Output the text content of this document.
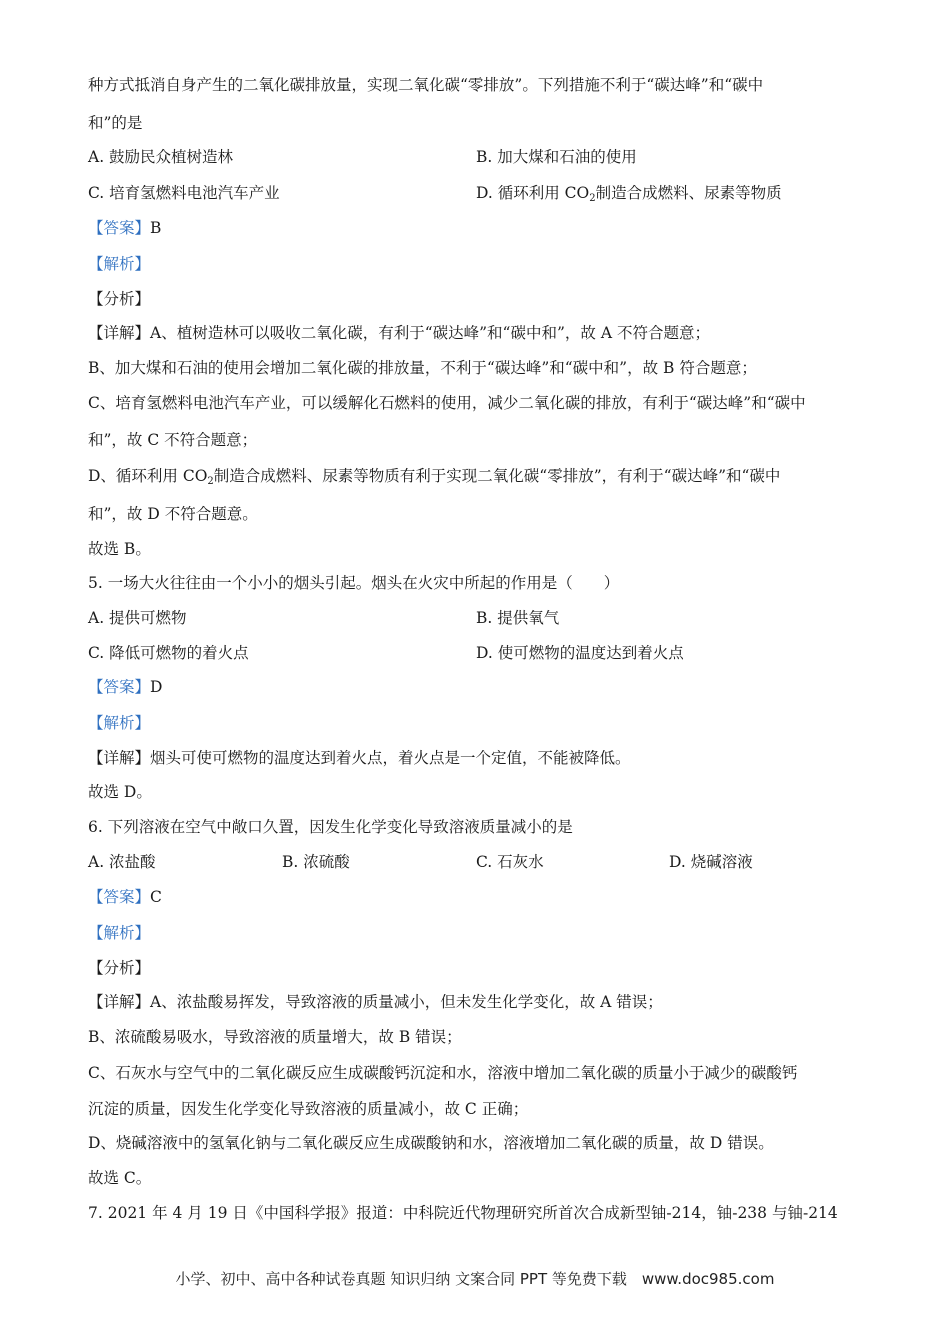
种方式抵消自身产生的二氧化碳排放量，实现二氧化碳“零排放”。下列措施不利于“碳达峰”和“碳中
和”的是
A. 鼓励民众植树造林	B. 加大煤和石油的使用
C. 培育氢燃料电池汽车产业	D. 循环利用 $CO_2$制造合成燃料、尿素等物质
【答案】B
【解析】
【分析】
【详解】A、植树造林可以吸收二氧化碳，有利于“碳达峰”和“碳中和”，故 A 不符合题意；
B、加大煤和石油的使用会增加二氧化碳的排放量，不利于“碳达峰”和“碳中和”，故 B 符合题意；
C、培育氢燃料电池汽车产业，可以缓解化石燃料的使用，减少二氧化碳的排放，有利于“碳达峰”和“碳中
和”，故 C 不符合题意；
D、循环利用 $CO_2$制造合成燃料、尿素等物质有利于实现二氧化碳“零排放”，有利于“碳达峰”和“碳中
和”，故 D 不符合题意。
故选 B。
5. 一场大火往往由一个小小的烟头引起。烟头在火灾中所起的作用是（　　）
A. 提供可燃物	B. 提供氧气
C. 降低可燃物的着火点	D. 使可燃物的温度达到着火点
【答案】D
【解析】
【详解】烟头可使可燃物的温度达到着火点，着火点是一个定值，不能被降低。
故选 D。
6. 下列溶液在空气中敞口久置，因发生化学变化导致溶液质量减小的是
A. 浓盐酸	B. 浓硫酸	C. 石灰水	D. 烧碱溶液
【答案】C
【解析】
【分析】
【详解】A、浓盐酸易挥发，导致溶液的质量减小，但未发生化学变化，故 A 错误；
B、浓硫酸易吸水，导致溶液的质量增大，故 B 错误；
C、石灰水与空气中的二氧化碳反应生成碳酸钙沉淀和水，溶液中增加二氧化碳的质量小于减少的碳酸钙
沉淀的质量，因发生化学变化导致溶液的质量减小，故 C 正确；
D、烧碱溶液中的氢氧化钠与二氧化碳反应生成碳酸钠和水，溶液增加二氧化碳的质量，故 D 错误。
故选 C。
7. 2021 年 4 月 19 日《中国科学报》报道：中科院近代物理研究所首次合成新型铀-214，铀-238 与铀-214
小学、初中、高中各种试卷真题 知识归纳 文案合同 PPT 等免费下载　www.doc985.com
